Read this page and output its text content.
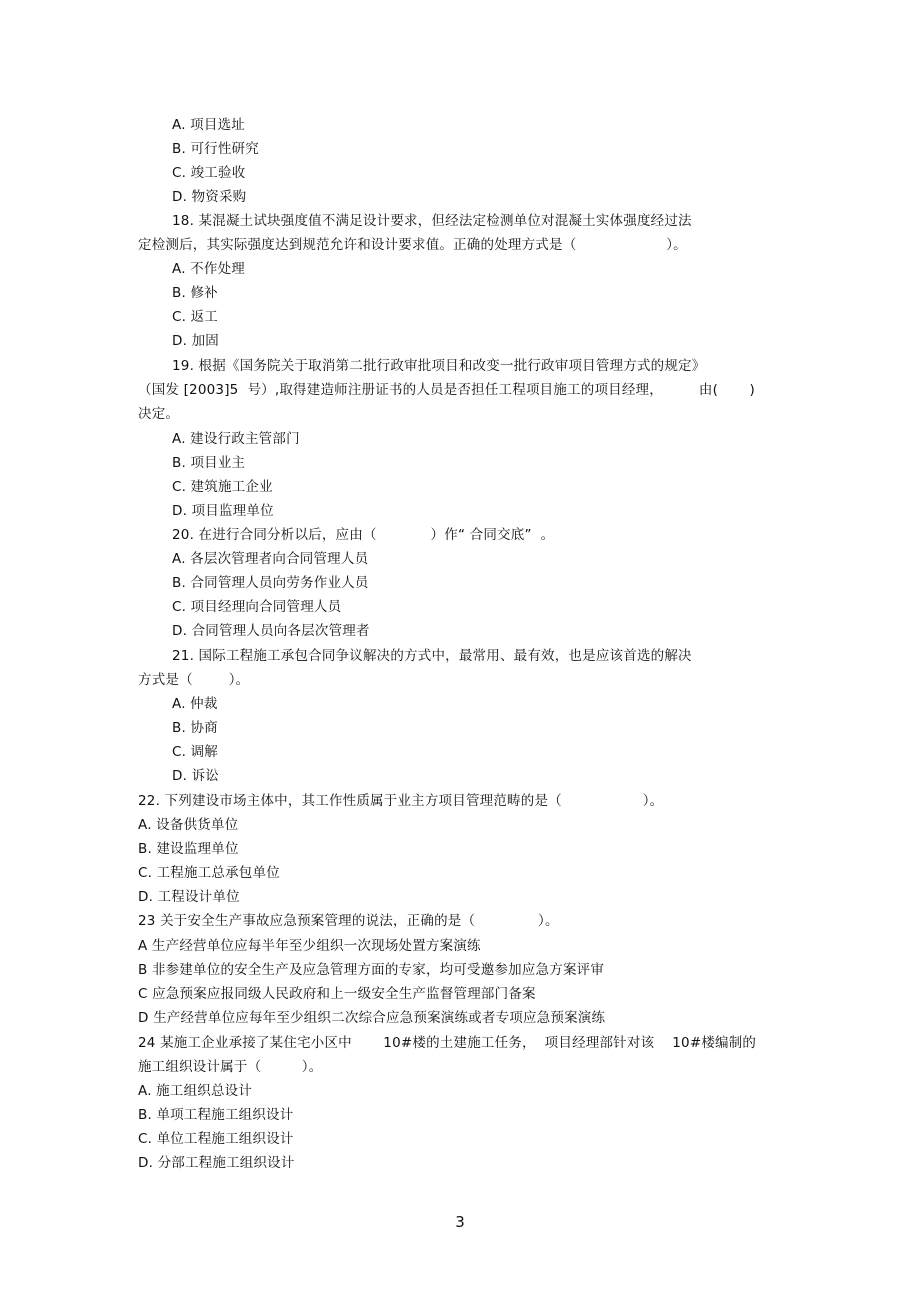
A. 项目选址
B. 可行性研究
C. 竣工验收
D. 物资采购
18. 某混凝土试块强度值不满足设计要求，但经法定检测单位对混凝土实体强度经过法
定检测后，其实际强度达到规范允许和设计要求值。正确的处理方式是（                    ）。
A. 不作处理
B. 修补
C. 返工
D. 加固
19. 根据《国务院关于取消第二批行政审批项目和改变一批行政审项目管理方式的规定》
（国发 [2003]5  号）,取得建造师注册证书的人员是否担任工程项目施工的项目经理，        由(       )
决定。
A. 建设行政主管部门
B. 项目业主
C. 建筑施工企业
D. 项目监理单位
20. 在进行合同分析以后，应由（            ）作“ 合同交底”  。
A. 各层次管理者向合同管理人员
B. 合同管理人员向劳务作业人员
C. 项目经理向合同管理人员
D. 合同管理人员向各层次管理者
21. 国际工程施工承包合同争议解决的方式中，最常用、最有效，也是应该首选的解决
方式是（        ）。
A. 仲裁
B. 协商
C. 调解
D. 诉讼
22. 下列建设市场主体中，其工作性质属于业主方项目管理范畴的是（                  ）。
A. 设备供货单位
B. 建设监理单位
C. 工程施工总承包单位
D. 工程设计单位
23 关于安全生产事故应急预案管理的说法，正确的是（              ）。
A 生产经营单位应每半年至少组织一次现场处置方案演练
B 非参建单位的安全生产及应急管理方面的专家，均可受邀参加应急方案评审
C 应急预案应报同级人民政府和上一级安全生产监督管理部门备案
D 生产经营单位应每年至少组织二次综合应急预案演练或者专项应急预案演练
24 某施工企业承接了某住宅小区中       10#楼的土建施工任务，  项目经理部针对该    10#楼编制的
施工组织设计属于（         ）。
A. 施工组织总设计
B. 单项工程施工组织设计
C. 单位工程施工组织设计
D. 分部工程施工组织设计
3
